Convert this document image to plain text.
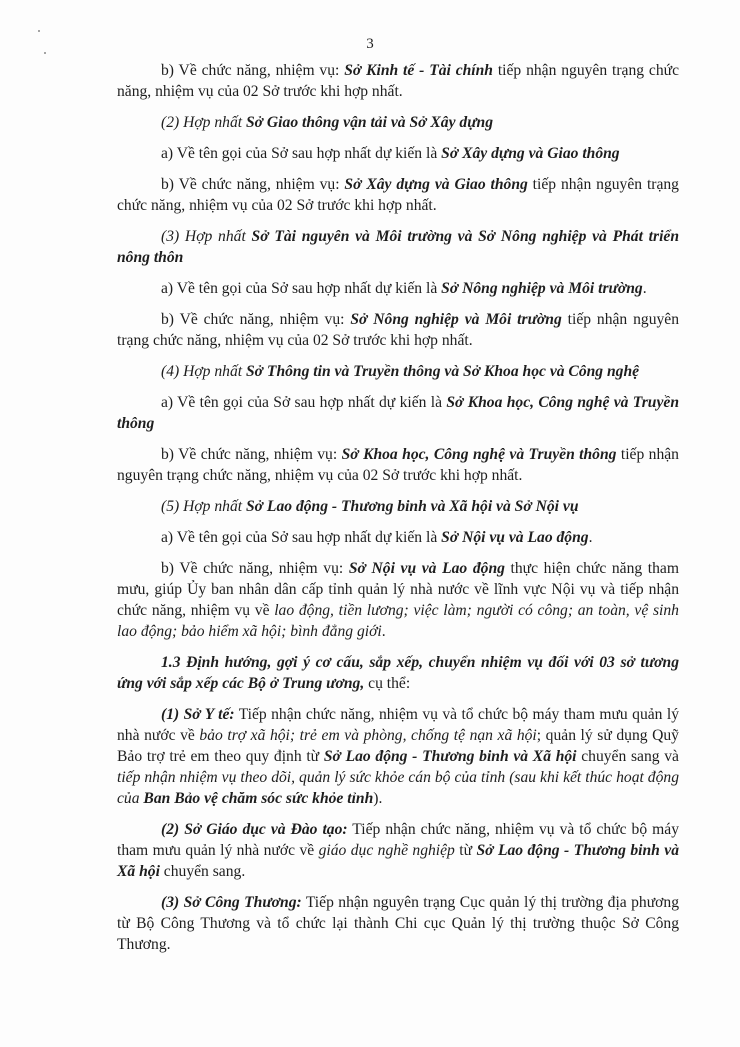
3

b) Về chức năng, nhiệm vụ: Sở Kinh tế - Tài chính tiếp nhận nguyên trạng chức năng, nhiệm vụ của 02 Sở trước khi hợp nhất.

(2) Hợp nhất Sở Giao thông vận tải và Sở Xây dựng

a) Về tên gọi của Sở sau hợp nhất dự kiến là Sở Xây dựng và Giao thông

b) Về chức năng, nhiệm vụ: Sở Xây dựng và Giao thông tiếp nhận nguyên trạng chức năng, nhiệm vụ của 02 Sở trước khi hợp nhất.

(3) Hợp nhất Sở Tài nguyên và Môi trường và Sở Nông nghiệp và Phát triển nông thôn

a) Về tên gọi của Sở sau hợp nhất dự kiến là Sở Nông nghiệp và Môi trường.

b) Về chức năng, nhiệm vụ: Sở Nông nghiệp và Môi trường tiếp nhận nguyên trạng chức năng, nhiệm vụ của 02 Sở trước khi hợp nhất.

(4) Hợp nhất Sở Thông tin và Truyền thông và Sở Khoa học và Công nghệ

a) Về tên gọi của Sở sau hợp nhất dự kiến là Sở Khoa học, Công nghệ và Truyền thông

b) Về chức năng, nhiệm vụ: Sở Khoa học, Công nghệ và Truyền thông tiếp nhận nguyên trạng chức năng, nhiệm vụ của 02 Sở trước khi hợp nhất.

(5) Hợp nhất Sở Lao động - Thương binh và Xã hội và Sở Nội vụ

a) Về tên gọi của Sở sau hợp nhất dự kiến là Sở Nội vụ và Lao động.

b) Về chức năng, nhiệm vụ: Sở Nội vụ và Lao động thực hiện chức năng tham mưu, giúp Ủy ban nhân dân cấp tỉnh quản lý nhà nước về lĩnh vực Nội vụ và tiếp nhận chức năng, nhiệm vụ về lao động, tiền lương; việc làm; người có công; an toàn, vệ sinh lao động; bảo hiểm xã hội; bình đẳng giới.

1.3 Định hướng, gợi ý cơ cấu, sắp xếp, chuyển nhiệm vụ đối với 03 sở tương ứng với sắp xếp các Bộ ở Trung ương, cụ thể:

(1) Sở Y tế: Tiếp nhận chức năng, nhiệm vụ và tổ chức bộ máy tham mưu quản lý nhà nước về bảo trợ xã hội; trẻ em và phòng, chống tệ nạn xã hội; quản lý sử dụng Quỹ Bảo trợ trẻ em theo quy định từ Sở Lao động - Thương binh và Xã hội chuyển sang và tiếp nhận nhiệm vụ theo dõi, quản lý sức khỏe cán bộ của tỉnh (sau khi kết thúc hoạt động của Ban Bảo vệ chăm sóc sức khỏe tỉnh).

(2) Sở Giáo dục và Đào tạo: Tiếp nhận chức năng, nhiệm vụ và tổ chức bộ máy tham mưu quản lý nhà nước về giáo dục nghề nghiệp từ Sở Lao động - Thương binh và Xã hội chuyển sang.

(3) Sở Công Thương: Tiếp nhận nguyên trạng Cục quản lý thị trường địa phương từ Bộ Công Thương và tổ chức lại thành Chi cục Quản lý thị trường thuộc Sở Công Thương.
